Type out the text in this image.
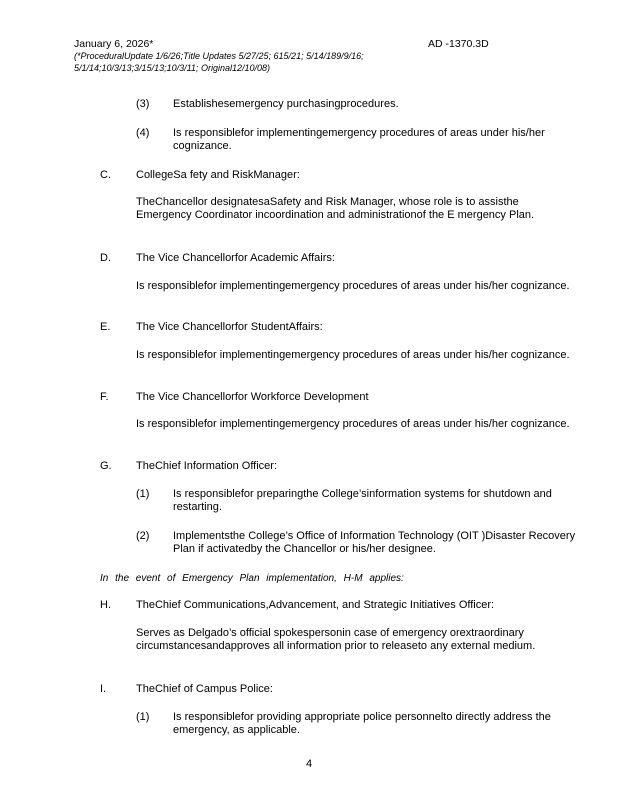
January 6, 2026*	AD -1370.3D
(*ProceduralUpdate 1/6/26;Title Updates 5/27/25; 615/21; 5/14/189/9/16; 5/1/14;10/3/13;3/15/13;10/3/11; Original12/10/08)
(3)	Establishesemergency purchasingprocedures.
(4)	Is responsiblefor implementingemergency procedures of areas under his/her cognizance.
C.	CollegeSa fety and RiskManager:
TheChancellor designatesaSafety and Risk Manager, whose role is to assisthe Emergency Coordinator incoordination and administrationof the E mergency Plan.
D.	The Vice Chancellorfor Academic Affairs:
Is responsiblefor implementingemergency procedures of areas under his/her cognizance.
E.	The Vice Chancellorfor StudentAffairs:
Is responsiblefor implementingemergency procedures of areas under his/her cognizance.
F.	The Vice Chancellorfor Workforce Development
Is responsiblefor implementingemergency procedures of areas under his/her cognizance.
G.	TheChief Information Officer:
(1)	Is responsiblefor preparingthe College’sinformation systems for shutdown and restarting.
(2)	Implementsthe College’s Office of Information Technology (OIT )Disaster Recovery Plan if activatedby the Chancellor or his/her designee.
In the event of Emergency Plan implementation, H-M applies:
H.	TheChief Communications,Advancement, and Strategic Initiatives Officer:
Serves as Delgado’s official spokespersonin case of emergency orextraordinary circumstancesandapproves all information prior to releaseto any external medium.
I.	TheChief of Campus Police:
(1)	Is responsiblefor providing appropriate police personnelto directly address the emergency, as applicable.
4
